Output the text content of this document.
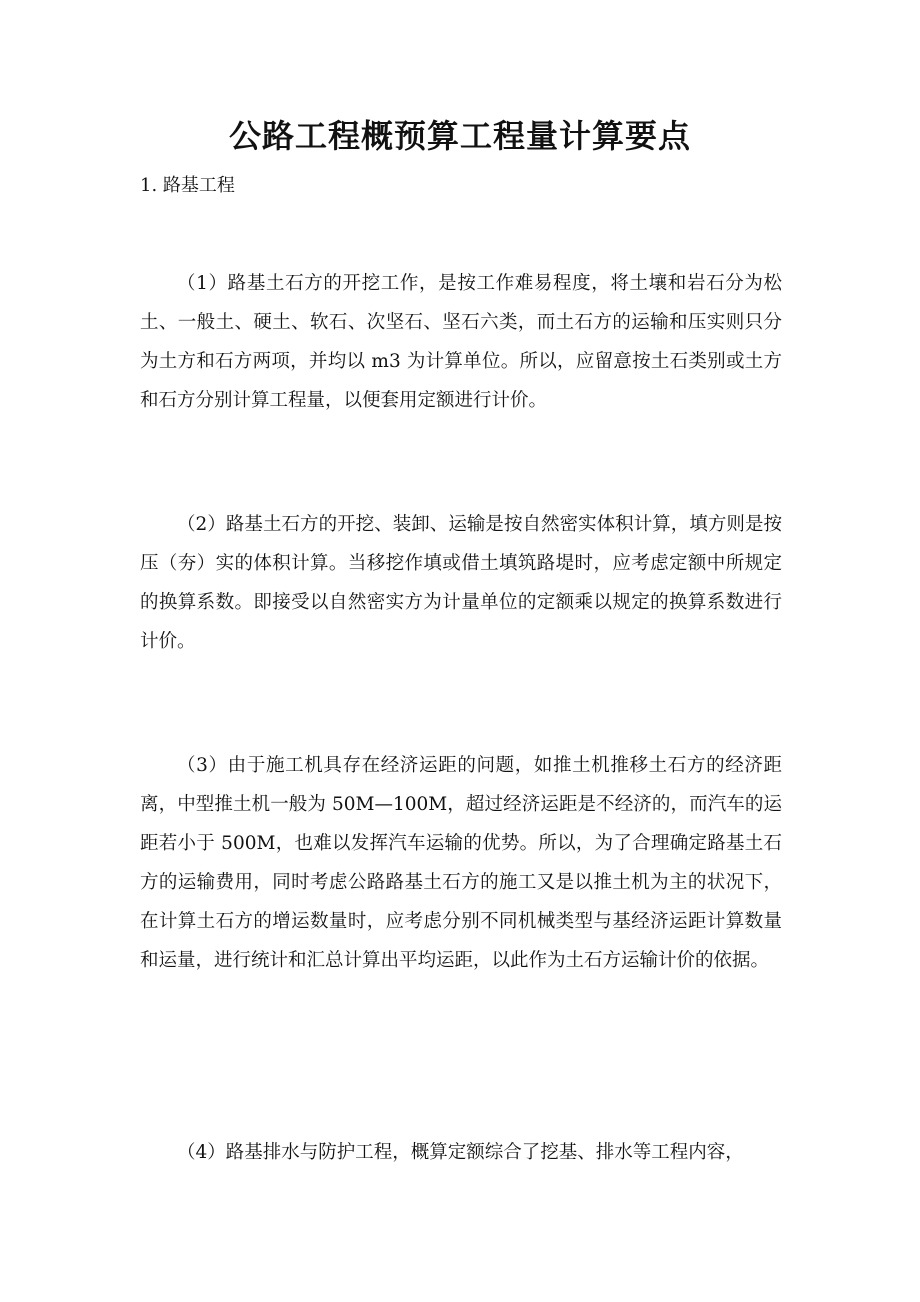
公路工程概预算工程量计算要点

1. 路基工程

（1）路基土石方的开挖工作，是按工作难易程度，将土壤和岩石分为松土、一般土、硬土、软石、次坚石、坚石六类，而土石方的运输和压实则只分为土方和石方两项，并均以 m3 为计算单位。所以，应留意按土石类别或土方和石方分别计算工程量，以便套用定额进行计价。

（2）路基土石方的开挖、装卸、运输是按自然密实体积计算，填方则是按压（夯）实的体积计算。当移挖作填或借土填筑路堤时，应考虑定额中所规定的换算系数。即接受以自然密实方为计量单位的定额乘以规定的换算系数进行计价。

（3）由于施工机具存在经济运距的问题，如推土机推移土石方的经济距离，中型推土机一般为 50M—100M，超过经济运距是不经济的，而汽车的运距若小于 500M，也难以发挥汽车运输的优势。所以，为了合理确定路基土石方的运输费用，同时考虑公路路基土石方的施工又是以推土机为主的状况下，在计算土石方的增运数量时，应考虑分别不同机械类型与基经济运距计算数量和运量，进行统计和汇总计算出平均运距，以此作为土石方运输计价的依据。

（4）路基排水与防护工程，概算定额综合了挖基、排水等工程内容，
